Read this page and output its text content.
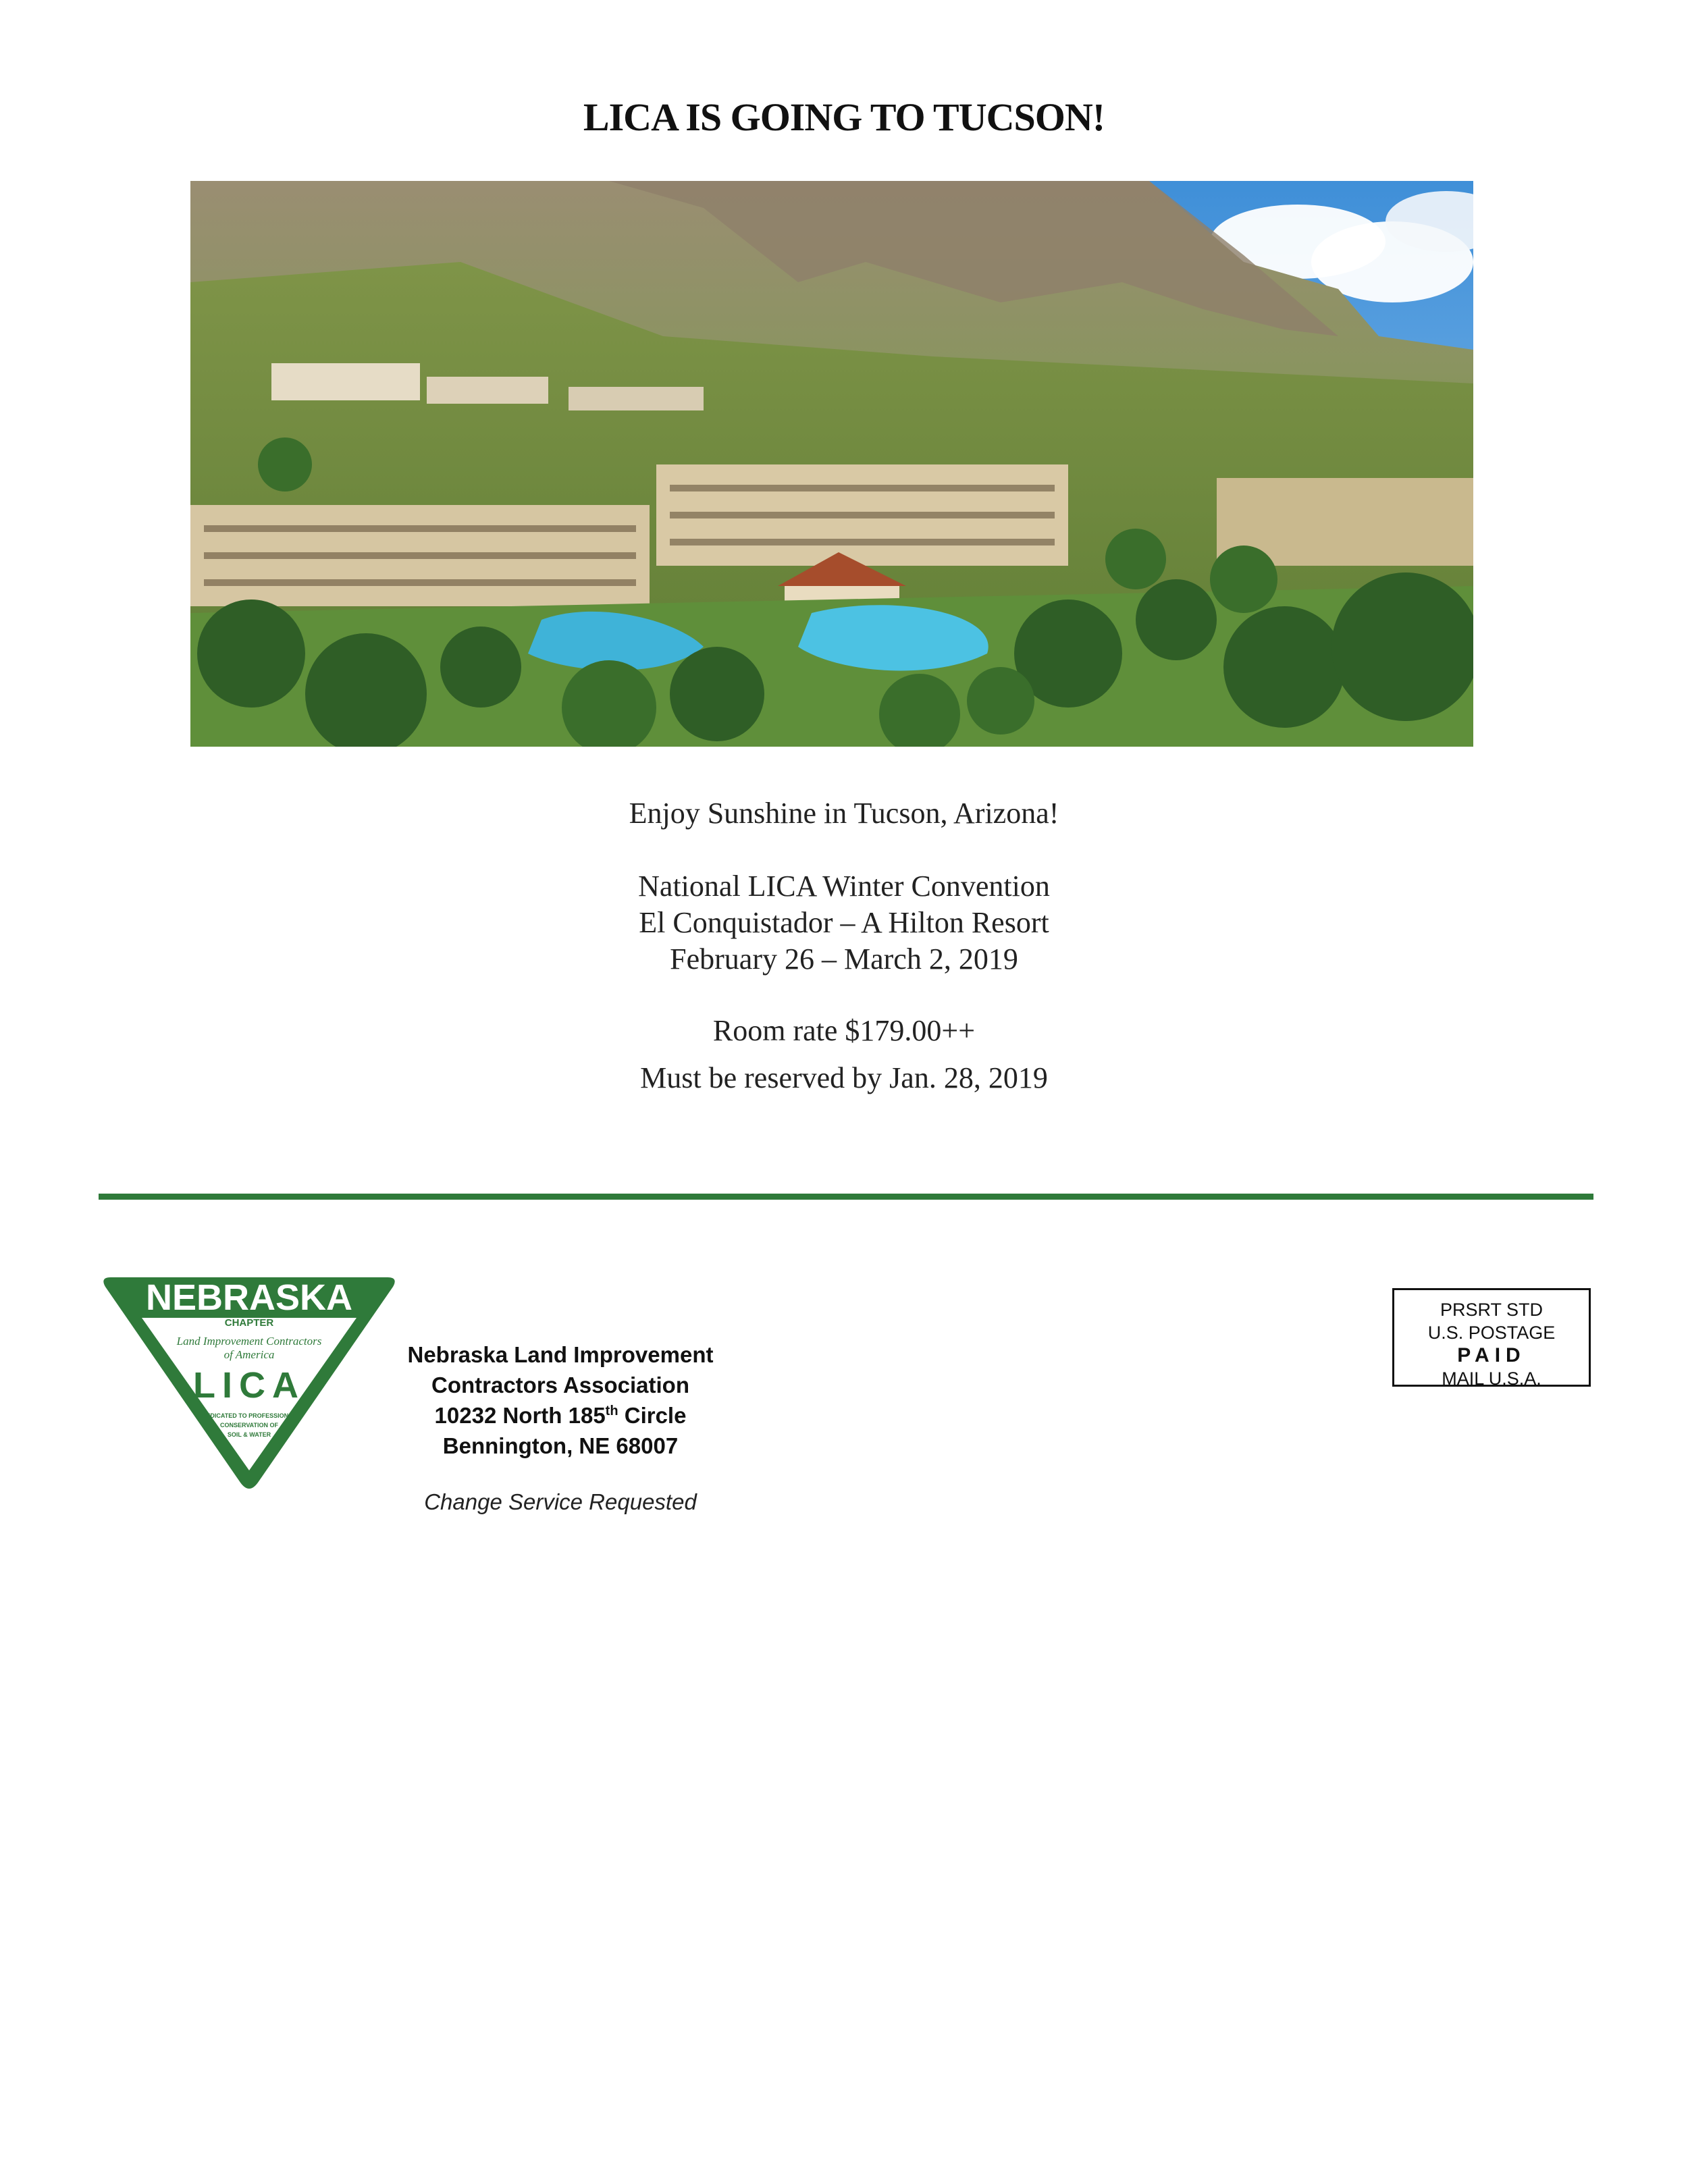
LICA IS GOING TO TUCSON!
Enjoy Sunshine in Tucson, Arizona!
National LICA Winter Convention
El Conquistador – A Hilton Resort
February 26 – March 2, 2019
Room rate $179.00++
Must be reserved by Jan. 28, 2019
NEBRASKA
CHAPTER
Land Improvement Contractors
of America
LICA
DEDICATED TO PROFESSIONAL
CONSERVATION OF
SOIL & WATER
Nebraska Land Improvement
Contractors Association
10232 North 185th Circle
Bennington, NE 68007
Change Service Requested
PRSRT STD
U.S. POSTAGE
PAID
MAIL U.S.A.
